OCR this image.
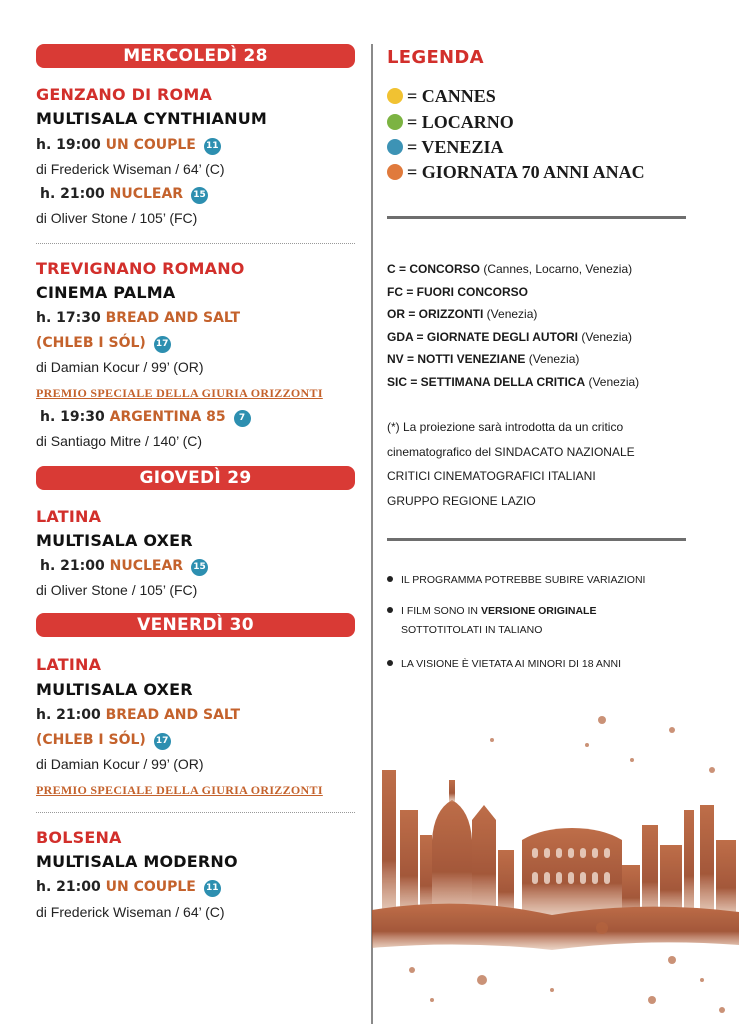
MERCOLEDÌ 28
GENZANO DI ROMA
MULTISALA CYNTHIANUM
h. 19:00 UN COUPLE 11
di Frederick Wiseman / 64’ (C)
h. 21:00 NUCLEAR 15
di Oliver Stone / 105’ (FC)
TREVIGNANO ROMANO
CINEMA PALMA
h. 17:30 BREAD AND SALT
(CHLEB I SÓL) 17
di Damian Kocur / 99’ (OR)
PREMIO SPECIALE DELLA GIURIA ORIZZONTI
h. 19:30 ARGENTINA 85 7
di Santiago Mitre / 140’ (C)
GIOVEDÌ 29
LATINA
MULTISALA OXER
h. 21:00 NUCLEAR 15
di Oliver Stone / 105’ (FC)
VENERDÌ 30
LATINA
MULTISALA OXER
h. 21:00 BREAD AND SALT
(CHLEB I SÓL) 17
di Damian Kocur / 99’ (OR)
PREMIO SPECIALE DELLA GIURIA ORIZZONTI
BOLSENA
MULTISALA MODERNO
h. 21:00 UN COUPLE 11
di Frederick Wiseman / 64’ (C)
LEGENDA
= CANNES
= LOCARNO
= VENEZIA
= GIORNATA 70 ANNI ANAC
C = CONCORSO (Cannes, Locarno, Venezia)
FC = FUORI CONCORSO
OR = ORIZZONTI (Venezia)
GDA = GIORNATE DEGLI AUTORI (Venezia)
NV = NOTTI VENEZIANE (Venezia)
SIC = SETTIMANA DELLA CRITICA (Venezia)
(*) La proiezione sarà introdotta da un critico
cinematografico del SINDACATO NAZIONALE
CRITICI CINEMATOGRAFICI ITALIANI
GRUPPO REGIONE LAZIO
IL PROGRAMMA POTREBBE SUBIRE VARIAZIONI
I FILM SONO IN VERSIONE ORIGINALE
SOTTOTITOLATI IN TALIANO
LA VISIONE È VIETATA AI MINORI DI 18 ANNI
